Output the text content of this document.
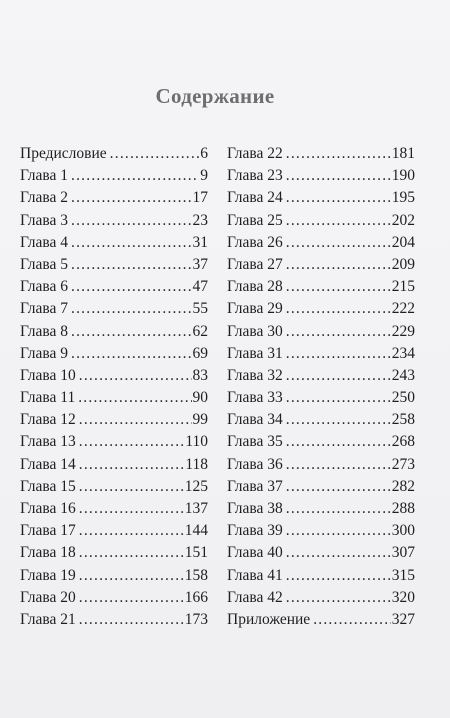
Содержание
Предисловие .....	6
Глава 1 .....	9
Глава 2 .....	17
Глава 3 .....	23
Глава 4 .....	31
Глава 5 .....	37
Глава 6 .....	47
Глава 7 .....	55
Глава 8 .....	62
Глава 9 .....	69
Глава 10 .....	83
Глава 11 .....	90
Глава 12 .....	99
Глава 13 .....	110
Глава 14 .....	118
Глава 15 .....	125
Глава 16 .....	137
Глава 17 .....	144
Глава 18 .....	151
Глава 19 .....	158
Глава 20 .....	166
Глава 21 .....	173
Глава 22 .....	181
Глава 23 .....	190
Глава 24 .....	195
Глава 25 .....	202
Глава 26 .....	204
Глава 27 .....	209
Глава 28 .....	215
Глава 29 .....	222
Глава 30 .....	229
Глава 31 .....	234
Глава 32 .....	243
Глава 33 .....	250
Глава 34 .....	258
Глава 35 .....	268
Глава 36 .....	273
Глава 37 .....	282
Глава 38 .....	288
Глава 39 .....	300
Глава 40 .....	307
Глава 41 .....	315
Глава 42 .....	320
Приложение .....	327
